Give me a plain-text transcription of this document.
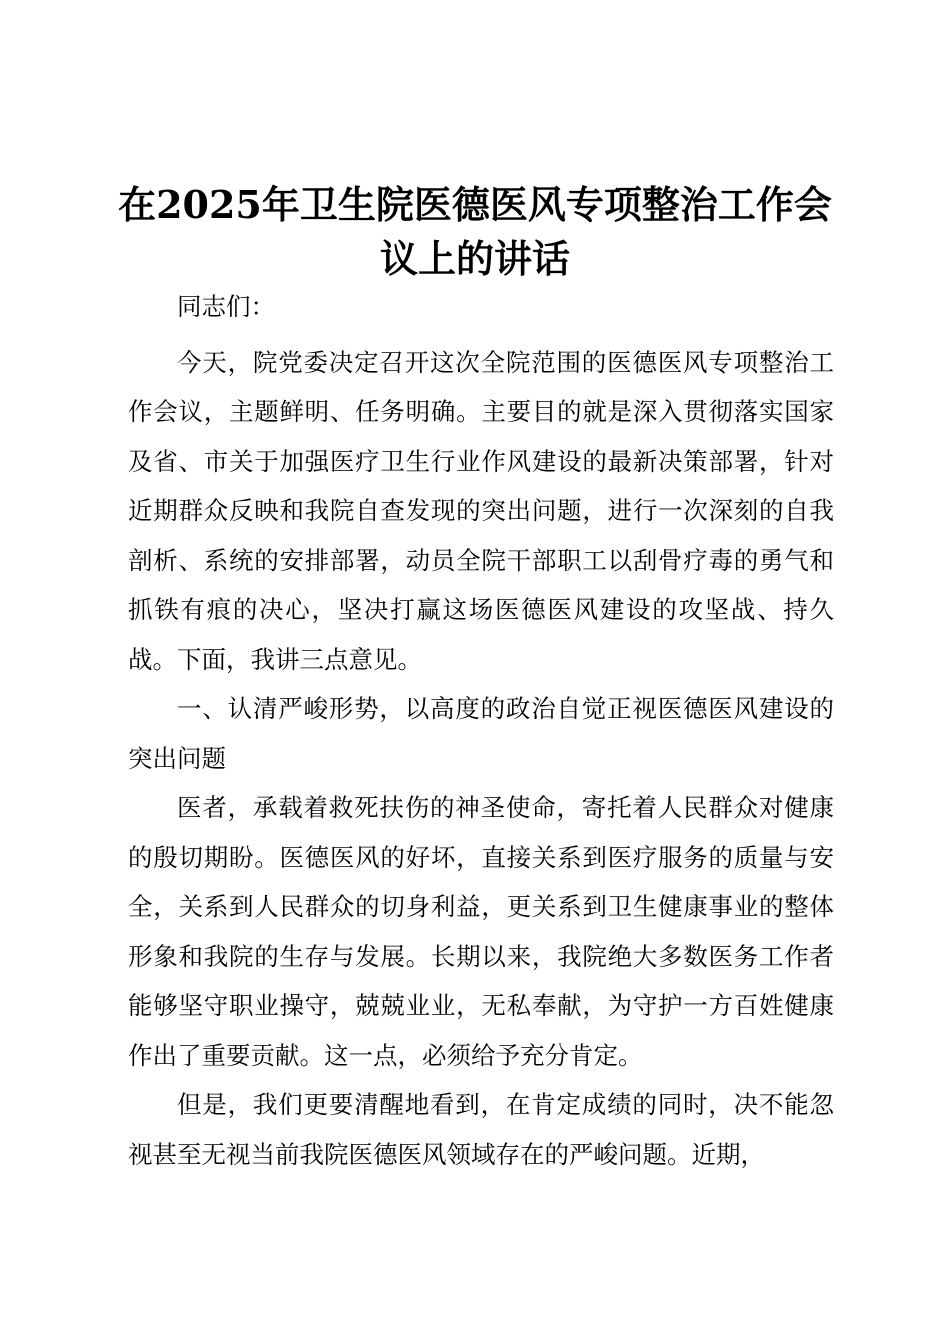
在2025年卫生院医德医风专项整治工作会议上的讲话

同志们：

今天，院党委决定召开这次全院范围的医德医风专项整治工作会议，主题鲜明、任务明确。主要目的就是深入贯彻落实国家及省、市关于加强医疗卫生行业作风建设的最新决策部署，针对近期群众反映和我院自查发现的突出问题，进行一次深刻的自我剖析、系统的安排部署，动员全院干部职工以刮骨疗毒的勇气和抓铁有痕的决心，坚决打赢这场医德医风建设的攻坚战、持久战。下面，我讲三点意见。

一、认清严峻形势，以高度的政治自觉正视医德医风建设的突出问题

医者，承载着救死扶伤的神圣使命，寄托着人民群众对健康的殷切期盼。医德医风的好坏，直接关系到医疗服务的质量与安全，关系到人民群众的切身利益，更关系到卫生健康事业的整体形象和我院的生存与发展。长期以来，我院绝大多数医务工作者能够坚守职业操守，兢兢业业，无私奉献，为守护一方百姓健康作出了重要贡献。这一点，必须给予充分肯定。

但是，我们更要清醒地看到，在肯定成绩的同时，决不能忽视甚至无视当前我院医德医风领域存在的严峻问题。近期，
